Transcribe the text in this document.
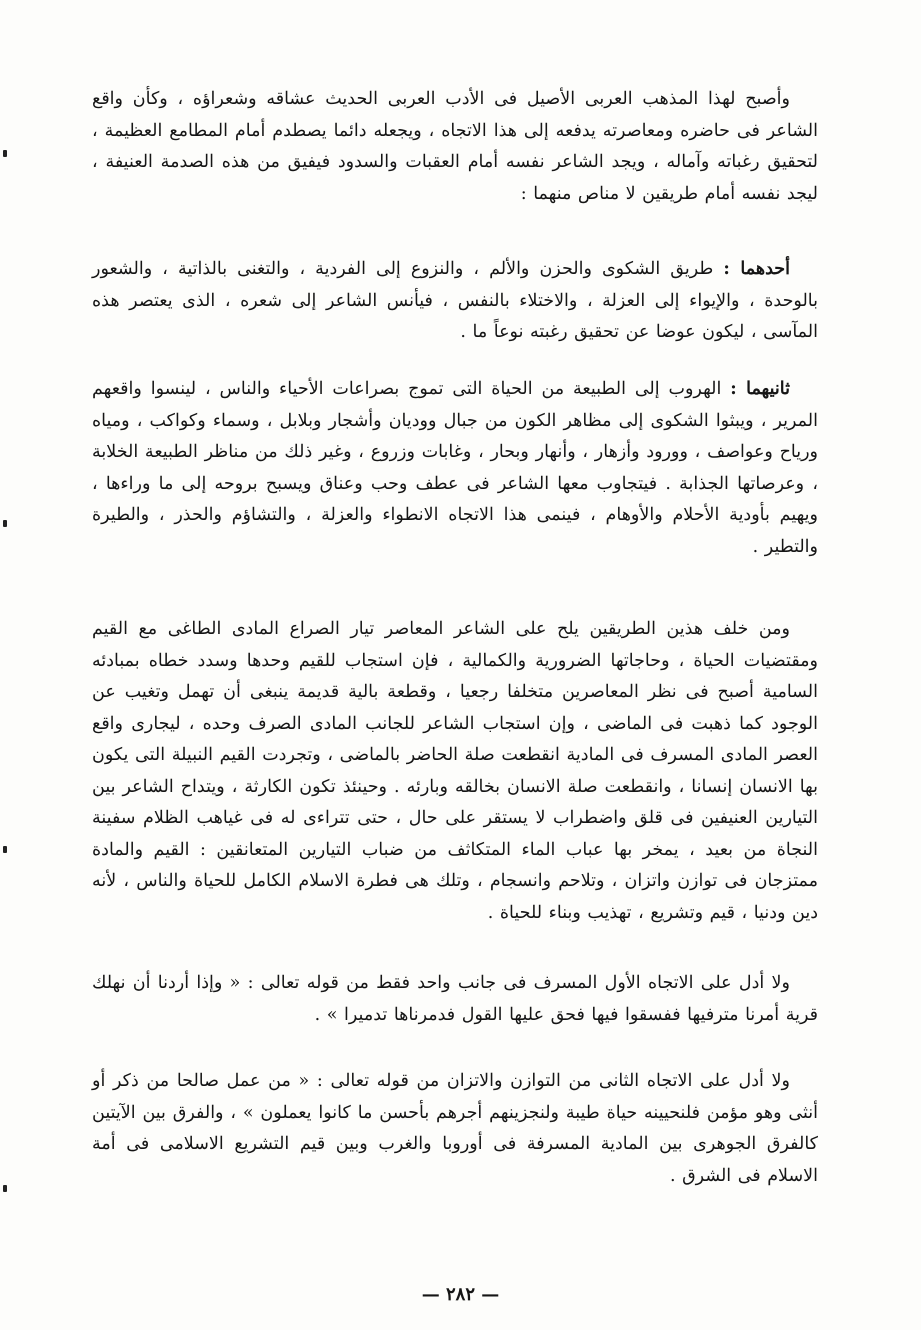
وأصبح لهذا المذهب العربى الأصيل فى الأدب العربى الحديث عشاقه وشعراؤه ، وكأن واقع الشاعر فى حاضره ومعاصرته يدفعه إلى هذا الاتجاه ، ويجعله دائما يصطدم أمام المطامع العظيمة ، لتحقيق رغباته وآماله ، ويجد الشاعر نفسه أمام العقبات والسدود فيفيق من هذه الصدمة العنيفة ، ليجد نفسه أمام طريقين لا مناص منهما :

أحدهما : طريق الشكوى والحزن والألم ، والنزوع إلى الفردية ، والتغنى بالذاتية ، والشعور بالوحدة ، والإيواء إلى العزلة ، والاختلاء بالنفس ، فيأنس الشاعر إلى شعره ، الذى يعتصر هذه المآسى ، ليكون عوضا عن تحقيق رغبته نوعاً ما .

ثانيهما : الهروب إلى الطبيعة من الحياة التى تموج بصراعات الأحياء والناس ، لينسوا واقعهم المرير ، ويبثوا الشكوى إلى مظاهر الكون من جبال ووديان وأشجار وبلابل ، وسماء وكواكب ، ومياه ورياح وعواصف ، وورود وأزهار ، وأنهار وبحار ، وغابات وزروع ، وغير ذلك من مناظر الطبيعة الخلابة ، وعرصاتها الجذابة . فيتجاوب معها الشاعر فى عطف وحب وعناق ويسبح بروحه إلى ما وراءها ، ويهيم بأودية الأحلام والأوهام ، فينمى هذا الاتجاه الانطواء والعزلة ، والتشاؤم والحذر ، والطيرة والتطير .

ومن خلف هذين الطريقين يلح على الشاعر المعاصر تيار الصراع المادى الطاغى مع القيم ومقتضيات الحياة ، وحاجاتها الضرورية والكمالية ، فإن استجاب للقيم وحدها وسدد خطاه بمبادئه السامية أصبح فى نظر المعاصرين متخلفا رجعيا ، وقطعة بالية قديمة ينبغى أن تهمل وتغيب عن الوجود كما ذهبت فى الماضى ، وإن استجاب الشاعر للجانب المادى الصرف وحده ، ليجارى واقع العصر المادى المسرف فى المادية انقطعت صلة الحاضر بالماضى ، وتجردت القيم النبيلة التى يكون بها الانسان إنسانا ، وانقطعت صلة الانسان بخالقه وبارئه . وحينئذ تكون الكارثة ، ويتداح الشاعر بين التيارين العنيفين فى قلق واضطراب لا يستقر على حال ، حتى تتراءى له فى غياهب الظلام سفينة النجاة من بعيد ، يمخر بها عباب الماء المتكاثف من ضباب التيارين المتعانقين : القيم والمادة ممتزجان فى توازن واتزان ، وتلاحم وانسجام ، وتلك هى فطرة الاسلام الكامل للحياة والناس ، لأنه دين ودنيا ، قيم وتشريع ، تهذيب وبناء للحياة .

ولا أدل على الاتجاه الأول المسرف فى جانب واحد فقط من قوله تعالى : « وإذا أردنا أن نهلك قرية أمرنا مترفيها ففسقوا فيها فحق عليها القول فدمرناها تدميرا » .

ولا أدل على الاتجاه الثانى من التوازن والاتزان من قوله تعالى : « من عمل صالحا من ذكر أو أنثى وهو مؤمن فلنحيينه حياة طيبة ولنجزينهم أجرهم بأحسن ما كانوا يعملون » ، والفرق بين الآيتين كالفرق الجوهرى بين المادية المسرفة فى أوروبا والغرب وبين قيم التشريع الاسلامى فى أمة الاسلام فى الشرق .

— ٢٨٢ —
